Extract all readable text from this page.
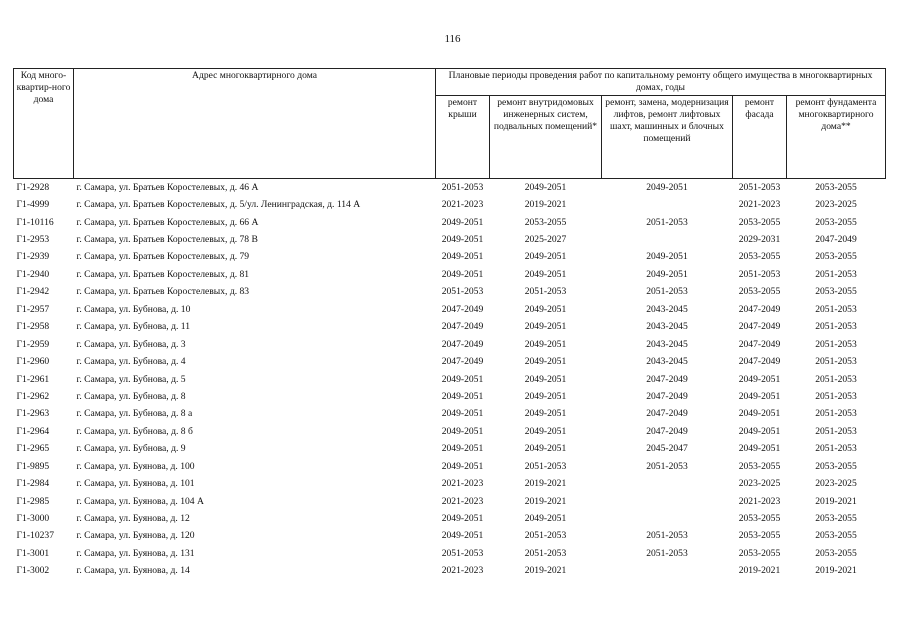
116
Код много-квартир-ного дома	Адрес многоквартирного дома	Плановые периоды проведения работ по капитальному ремонту общего имущества в многоквартирных домах, годы				
		ремонт крыши	ремонт внутридомовых инженерных систем, подвальных помещений*	ремонт, замена, модернизация лифтов, ремонт лифтовых шахт, машинных и блочных помещений	ремонт фасада	ремонт фундамента многоквартирного дома**
Г1-2928	г. Самара, ул. Братьев Коростелевых, д. 46 А	2051-2053	2049-2051	2049-2051	2051-2053	2053-2055
Г1-4999	г. Самара, ул. Братьев Коростелевых, д. 5/ул. Ленинградская, д. 114 А	2021-2023	2019-2021		2021-2023	2023-2025
Г1-10116	г. Самара, ул. Братьев Коростелевых, д. 66 А	2049-2051	2053-2055	2051-2053	2053-2055	2053-2055
Г1-2953	г. Самара, ул. Братьев Коростелевых, д. 78 В	2049-2051	2025-2027		2029-2031	2047-2049
Г1-2939	г. Самара, ул. Братьев Коростелевых, д. 79	2049-2051	2049-2051	2049-2051	2053-2055	2053-2055
Г1-2940	г. Самара, ул. Братьев Коростелевых, д. 81	2049-2051	2049-2051	2049-2051	2051-2053	2051-2053
Г1-2942	г. Самара, ул. Братьев Коростелевых, д. 83	2051-2053	2051-2053	2051-2053	2053-2055	2053-2055
Г1-2957	г. Самара, ул. Бубнова, д. 10	2047-2049	2049-2051	2043-2045	2047-2049	2051-2053
Г1-2958	г. Самара, ул. Бубнова, д. 11	2047-2049	2049-2051	2043-2045	2047-2049	2051-2053
Г1-2959	г. Самара, ул. Бубнова, д. 3	2047-2049	2049-2051	2043-2045	2047-2049	2051-2053
Г1-2960	г. Самара, ул. Бубнова, д. 4	2047-2049	2049-2051	2043-2045	2047-2049	2051-2053
Г1-2961	г. Самара, ул. Бубнова, д. 5	2049-2051	2049-2051	2047-2049	2049-2051	2051-2053
Г1-2962	г. Самара, ул. Бубнова, д. 8	2049-2051	2049-2051	2047-2049	2049-2051	2051-2053
Г1-2963	г. Самара, ул. Бубнова, д. 8 а	2049-2051	2049-2051	2047-2049	2049-2051	2051-2053
Г1-2964	г. Самара, ул. Бубнова, д. 8 б	2049-2051	2049-2051	2047-2049	2049-2051	2051-2053
Г1-2965	г. Самара, ул. Бубнова, д. 9	2049-2051	2049-2051	2045-2047	2049-2051	2051-2053
Г1-9895	г. Самара, ул. Буянова, д. 100	2049-2051	2051-2053	2051-2053	2053-2055	2053-2055
Г1-2984	г. Самара, ул. Буянова, д. 101	2021-2023	2019-2021		2023-2025	2023-2025
Г1-2985	г. Самара, ул. Буянова, д. 104 А	2021-2023	2019-2021		2021-2023	2019-2021
Г1-3000	г. Самара, ул. Буянова, д. 12	2049-2051	2049-2051		2053-2055	2053-2055
Г1-10237	г. Самара, ул. Буянова, д. 120	2049-2051	2051-2053	2051-2053	2053-2055	2053-2055
Г1-3001	г. Самара, ул. Буянова, д. 131	2051-2053	2051-2053	2051-2053	2053-2055	2053-2055
Г1-3002	г. Самара, ул. Буянова, д. 14	2021-2023	2019-2021		2019-2021	2019-2021
